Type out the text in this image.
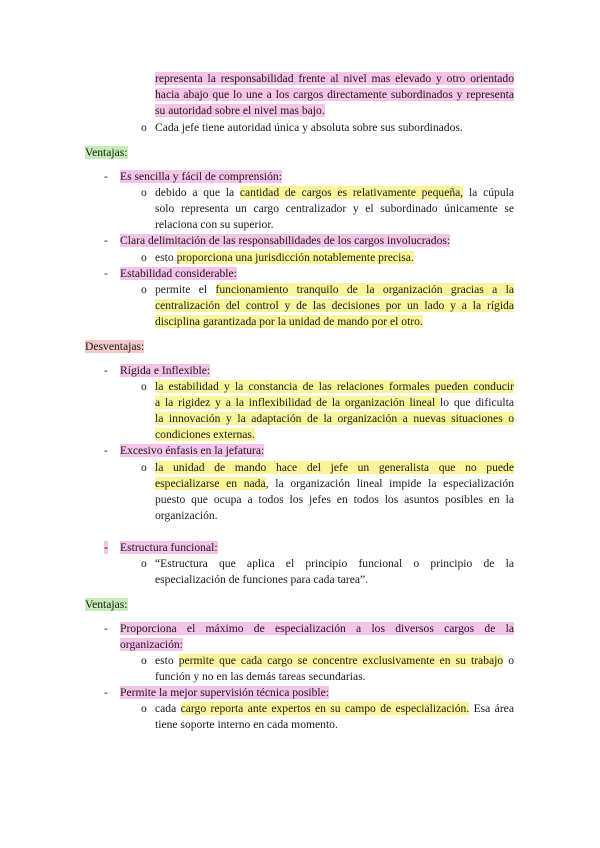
representa la responsabilidad frente al nivel mas elevado y otro orientado
hacia abajo que lo une a los cargos directamente subordinados y representa
su autoridad sobre el nivel mas bajo.
o Cada jefe tiene autoridad única y absoluta sobre sus subordinados.
Ventajas:
- Es sencilla y fácil de comprensión:
o debido a que la cantidad de cargos es relativamente pequeña, la cúpula
solo representa un cargo centralizador y el subordinado únicamente se
relaciona con su superior.
- Clara delimitación de las responsabilidades de los cargos involucrados:
o esto proporciona una jurisdicción notablemente precisa.
- Estabilidad considerable:
o permite el funcionamiento tranquilo de la organización gracias a la
centralización del control y de las decisiones por un lado y a la rígida
disciplina garantizada por la unidad de mando por el otro.
Desventajas:
- Rígida e Inflexible:
o la estabilidad y la constancia de las relaciones formales pueden conducir
a la rigidez y a la inflexibilidad de la organización lineal lo que dificulta
la innovación y la adaptación de la organización a nuevas situaciones o
condiciones externas.
- Excesivo énfasis en la jefatura:
o la unidad de mando hace del jefe un generalista que no puede
especializarse en nada, la organización lineal impide la especialización
puesto que ocupa a todos los jefes en todos los asuntos posibles en la
organización.
- Estructura funcional:
o “Estructura que aplica el principio funcional o principio de la
especialización de funciones para cada tarea”.
Ventajas:
- Proporciona el máximo de especialización a los diversos cargos de la
organización:
o esto permite que cada cargo se concentre exclusivamente en su trabajo o
función y no en las demás tareas secundarias.
- Permite la mejor supervisión técnica posible:
o cada cargo reporta ante expertos en su campo de especialización. Esa área
tiene soporte interno en cada momento.
